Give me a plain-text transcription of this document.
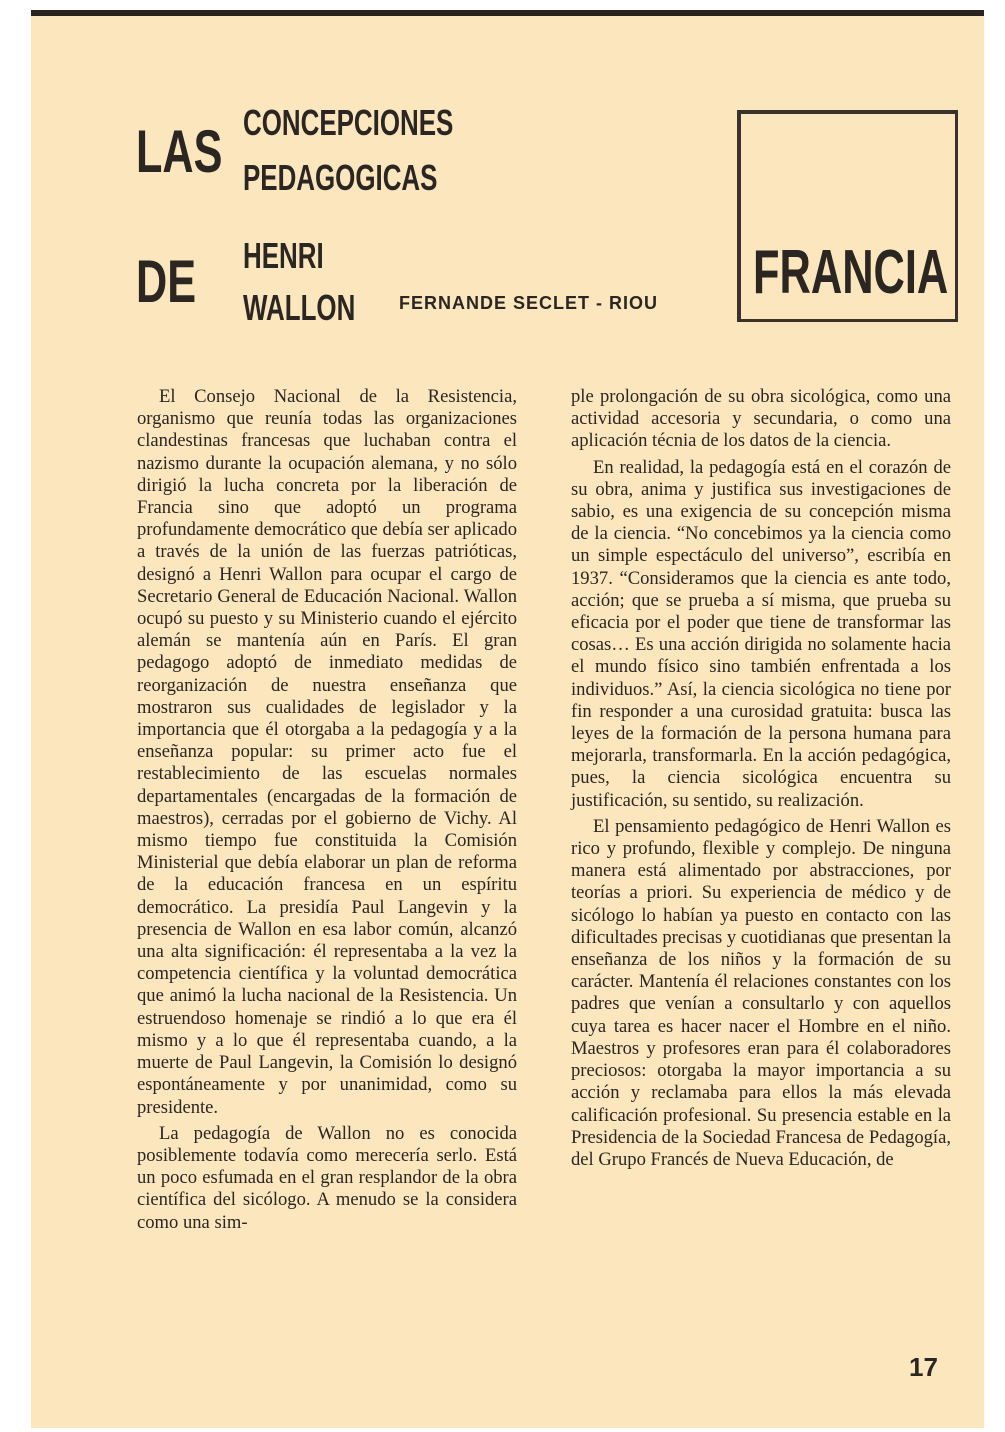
LAS
DE
CONCEPCIONES
PEDAGOGICAS
HENRI
WALLON FERNANDE SECLET - RIOU FRANCIA

El Consejo Nacional de la Resistencia, organismo que reunía todas las organizaciones clandestinas francesas que luchaban contra el nazismo durante la ocupación alemana, y no sólo dirigió la lucha concreta por la liberación de Francia sino que adoptó un programa profundamente democrático que debía ser aplicado a través de la unión de las fuerzas patrióticas, designó a Henri Wallon para ocupar el cargo de Secretario General de Educación Nacional. Wallon ocupó su puesto y su Ministerio cuando el ejército alemán se mantenía aún en París. El gran pedagogo adoptó de inmediato medidas de reorganización de nuestra enseñanza que mostraron sus cualidades de legislador y la importancia que él otorgaba a la pedagogía y a la enseñanza popular: su primer acto fue el restablecimiento de las escuelas normales departamentales (encargadas de la formación de maestros), cerradas por el gobierno de Vichy. Al mismo tiempo fue constituida la Comisión Ministerial que debía elaborar un plan de reforma de la educación francesa en un espíritu democrático. La presidía Paul Langevin y la presencia de Wallon en esa labor común, alcanzó una alta significación: él representaba a la vez la competencia científica y la voluntad democrática que animó la lucha nacional de la Resistencia. Un estruendoso homenaje se rindió a lo que era él mismo y a lo que él representaba cuando, a la muerte de Paul Langevin, la Comisión lo designó espontáneamente y por unanimidad, como su presidente.

La pedagogía de Wallon no es conocida posiblemente todavía como merecería serlo. Está un poco esfumada en el gran resplandor de la obra científica del sicólogo. A menudo se la considera como una sim-

ple prolongación de su obra sicológica, como una actividad accesoria y secundaria, o como una aplicación técnia de los datos de la ciencia.

En realidad, la pedagogía está en el corazón de su obra, anima y justifica sus investigaciones de sabio, es una exigencia de su concepción misma de la ciencia. “No concebimos ya la ciencia como un simple espectáculo del universo”, escribía en 1937. “Consideramos que la ciencia es ante todo, acción; que se prueba a sí misma, que prueba su eficacia por el poder que tiene de transformar las cosas… Es una acción dirigida no solamente hacia el mundo físico sino también enfrentada a los individuos.” Así, la ciencia sicológica no tiene por fin responder a una curosidad gratuita: busca las leyes de la formación de la persona humana para mejorarla, transformarla. En la acción pedagógica, pues, la ciencia sicológica encuentra su justificación, su sentido, su realización.

El pensamiento pedagógico de Henri Wallon es rico y profundo, flexible y complejo. De ninguna manera está alimentado por abstracciones, por teorías a priori. Su experiencia de médico y de sicólogo lo habían ya puesto en contacto con las dificultades precisas y cuotidianas que presentan la enseñanza de los niños y la formación de su carácter. Mantenía él relaciones constantes con los padres que venían a consultarlo y con aquellos cuya tarea es hacer nacer el Hombre en el niño. Maestros y profesores eran para él colaboradores preciosos: otorgaba la mayor importancia a su acción y reclamaba para ellos la más elevada calificación profesional. Su presencia estable en la Presidencia de la Sociedad Francesa de Pedagogía, del Grupo Francés de Nueva Educación, de

17
